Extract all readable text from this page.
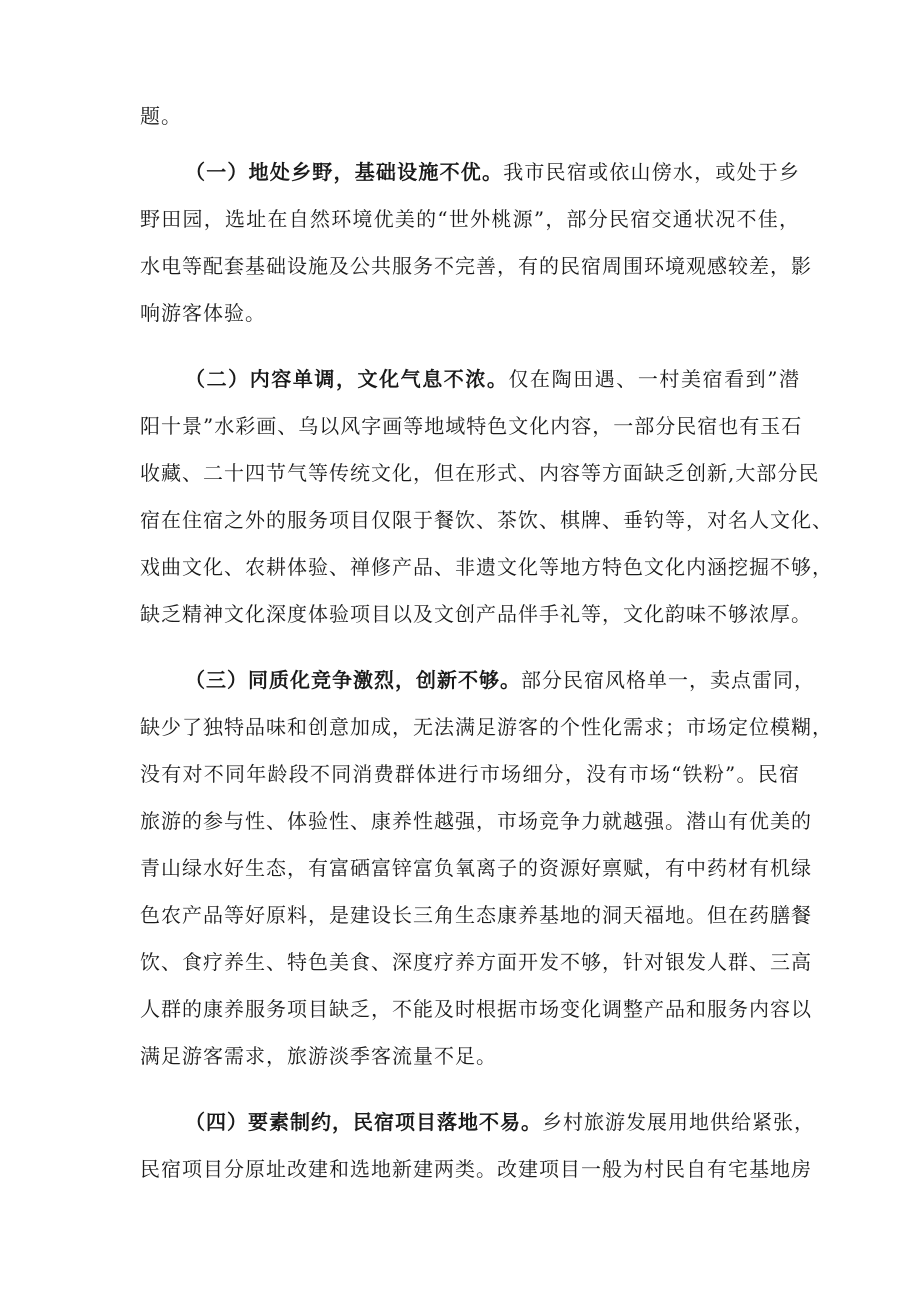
题。
（一）地处乡野，基础设施不优。我市民宿或依山傍水，或处于乡
野田园，选址在自然环境优美的“世外桃源”，部分民宿交通状况不佳，
水电等配套基础设施及公共服务不完善，有的民宿周围环境观感较差，影
响游客体验。
（二）内容单调，文化气息不浓。仅在陶田遇、一村美宿看到”潜
阳十景”水彩画、乌以风字画等地域特色文化内容，一部分民宿也有玉石
收藏、二十四节气等传统文化，但在形式、内容等方面缺乏创新,大部分民
宿在住宿之外的服务项目仅限于餐饮、茶饮、棋牌、垂钓等，对名人文化、
戏曲文化、农耕体验、禅修产品、非遗文化等地方特色文化内涵挖掘不够，
缺乏精神文化深度体验项目以及文创产品伴手礼等，文化韵味不够浓厚。
（三）同质化竞争激烈，创新不够。部分民宿风格单一，卖点雷同，
缺少了独特品味和创意加成，无法满足游客的个性化需求；市场定位模糊，
没有对不同年龄段不同消费群体进行市场细分，没有市场“铁粉”。民宿
旅游的参与性、体验性、康养性越强，市场竞争力就越强。潜山有优美的
青山绿水好生态，有富硒富锌富负氧离子的资源好禀赋，有中药材有机绿
色农产品等好原料，是建设长三角生态康养基地的洞天福地。但在药膳餐
饮、食疗养生、特色美食、深度疗养方面开发不够，针对银发人群、三高
人群的康养服务项目缺乏，不能及时根据市场变化调整产品和服务内容以
满足游客需求，旅游淡季客流量不足。
（四）要素制约，民宿项目落地不易。乡村旅游发展用地供给紧张，
民宿项目分原址改建和选地新建两类。改建项目一般为村民自有宅基地房
